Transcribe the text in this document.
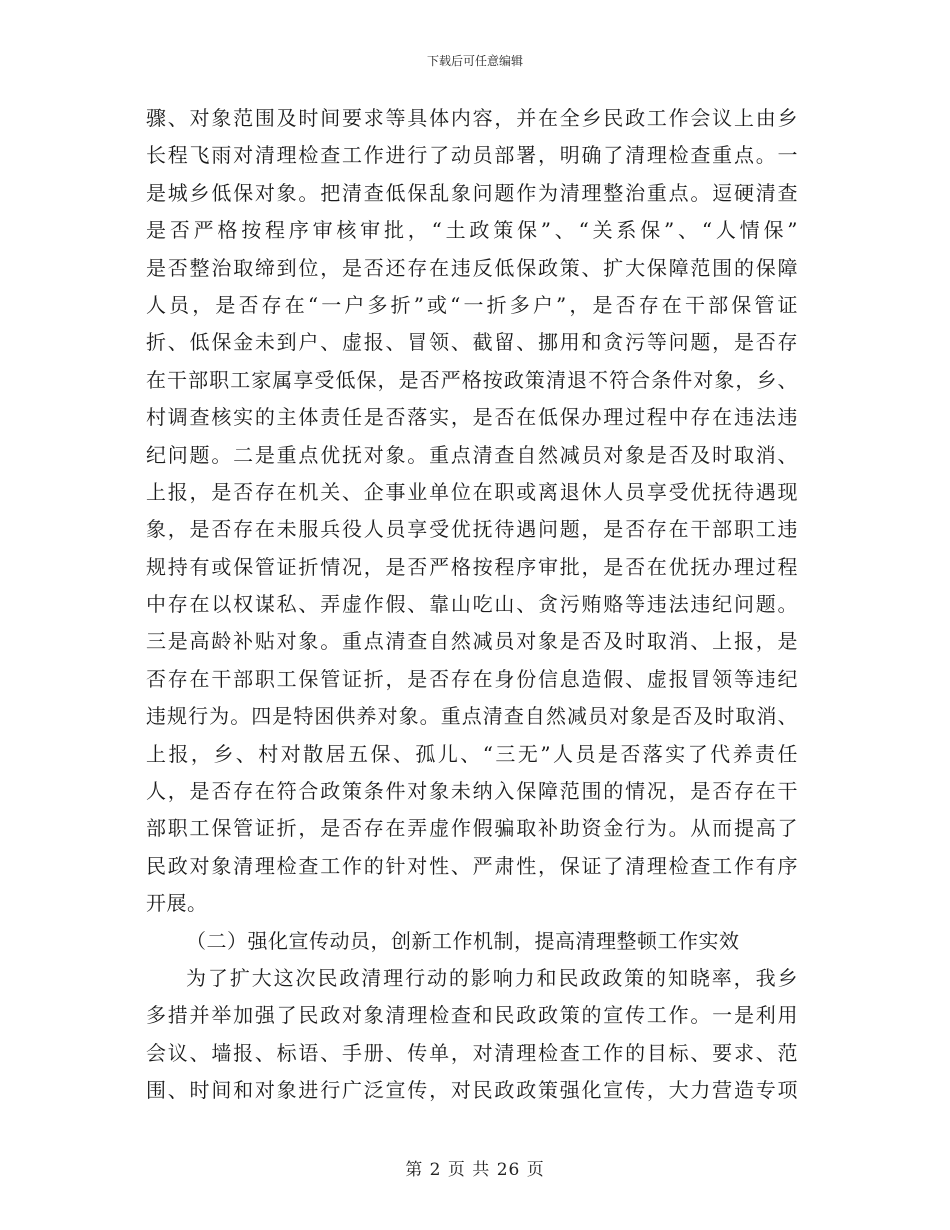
下载后可任意编辑
骤、对象范围及时间要求等具体内容，并在全乡民政工作会议上由乡
长程飞雨对清理检查工作进行了动员部署，明确了清理检查重点。一
是城乡低保对象。把清查低保乱象问题作为清理整治重点。逗硬清查
是否严格按程序审核审批，“土政策保”、“关系保”、“人情保”
是否整治取缔到位，是否还存在违反低保政策、扩大保障范围的保障
人员，是否存在“一户多折”或“一折多户”，是否存在干部保管证
折、低保金未到户、虚报、冒领、截留、挪用和贪污等问题，是否存
在干部职工家属享受低保，是否严格按政策清退不符合条件对象，乡、
村调查核实的主体责任是否落实，是否在低保办理过程中存在违法违
纪问题。二是重点优抚对象。重点清查自然减员对象是否及时取消、
上报，是否存在机关、企事业单位在职或离退休人员享受优抚待遇现
象，是否存在未服兵役人员享受优抚待遇问题，是否存在干部职工违
规持有或保管证折情况，是否严格按程序审批，是否在优抚办理过程
中存在以权谋私、弄虚作假、靠山吃山、贪污贿赂等违法违纪问题。
三是高龄补贴对象。重点清查自然减员对象是否及时取消、上报，是
否存在干部职工保管证折，是否存在身份信息造假、虚报冒领等违纪
违规行为。四是特困供养对象。重点清查自然减员对象是否及时取消、
上报，乡、村对散居五保、孤儿、“三无”人员是否落实了代养责任
人，是否存在符合政策条件对象未纳入保障范围的情况，是否存在干
部职工保管证折，是否存在弄虚作假骗取补助资金行为。从而提高了
民政对象清理检查工作的针对性、严肃性，保证了清理检查工作有序
开展。
（二）强化宣传动员，创新工作机制，提高清理整顿工作实效
为了扩大这次民政清理行动的影响力和民政政策的知晓率，我乡
多措并举加强了民政对象清理检查和民政政策的宣传工作。一是利用
会议、墙报、标语、手册、传单，对清理检查工作的目标、要求、范
围、时间和对象进行广泛宣传，对民政政策强化宣传，大力营造专项
第 2 页 共 26 页
